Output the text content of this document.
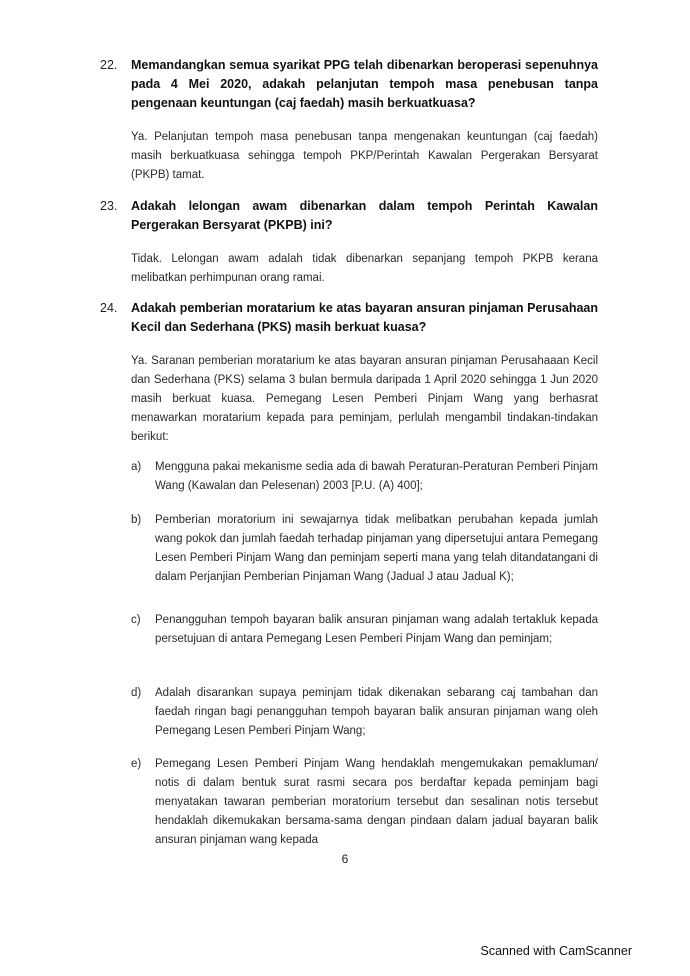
22. Memandangkan semua syarikat PPG telah dibenarkan beroperasi sepenuhnya pada 4 Mei 2020, adakah pelanjutan tempoh masa penebusan tanpa pengenaan keuntungan (caj faedah) masih berkuatkuasa?

Ya. Pelanjutan tempoh masa penebusan tanpa mengenakan keuntungan (caj faedah) masih berkuatkuasa sehingga tempoh PKP/Perintah Kawalan Pergerakan Bersyarat (PKPB) tamat.

23. Adakah lelongan awam dibenarkan dalam tempoh Perintah Kawalan Pergerakan Bersyarat (PKPB) ini?

Tidak. Lelongan awam adalah tidak dibenarkan sepanjang tempoh PKPB kerana melibatkan perhimpunan orang ramai.

24. Adakah pemberian moratarium ke atas bayaran ansuran pinjaman Perusahaan Kecil dan Sederhana (PKS) masih berkuat kuasa?

Ya. Saranan pemberian moratarium ke atas bayaran ansuran pinjaman Perusahaaan Kecil dan Sederhana (PKS) selama 3 bulan bermula daripada 1 April 2020 sehingga 1 Jun 2020 masih berkuat kuasa. Pemegang Lesen Pemberi Pinjam Wang yang berhasrat menawarkan moratarium kepada para peminjam, perlulah mengambil tindakan-tindakan berikut:

a) Mengguna pakai mekanisme sedia ada di bawah Peraturan-Peraturan Pemberi Pinjam Wang (Kawalan dan Pelesenan) 2003 [P.U. (A) 400];

b) Pemberian moratorium ini sewajarnya tidak melibatkan perubahan kepada jumlah wang pokok dan jumlah faedah terhadap pinjaman yang dipersetujui antara Pemegang Lesen Pemberi Pinjam Wang dan peminjam seperti mana yang telah ditandatangani di dalam Perjanjian Pemberian Pinjaman Wang (Jadual J atau Jadual K);

c) Penangguhan tempoh bayaran balik ansuran pinjaman wang adalah tertakluk kepada persetujuan di antara Pemegang Lesen Pemberi Pinjam Wang dan peminjam;

d) Adalah disarankan supaya peminjam tidak dikenakan sebarang caj tambahan dan faedah ringan bagi penangguhan tempoh bayaran balik ansuran pinjaman wang oleh Pemegang Lesen Pemberi Pinjam Wang;

e) Pemegang Lesen Pemberi Pinjam Wang hendaklah mengemukakan pemakluman/ notis di dalam bentuk surat rasmi secara pos berdaftar kepada peminjam bagi menyatakan tawaran pemberian moratorium tersebut dan sesalinan notis tersebut hendaklah dikemukakan bersama-sama dengan pindaan dalam jadual bayaran balik ansuran pinjaman wang kepada

6
Scanned with CamScanner
